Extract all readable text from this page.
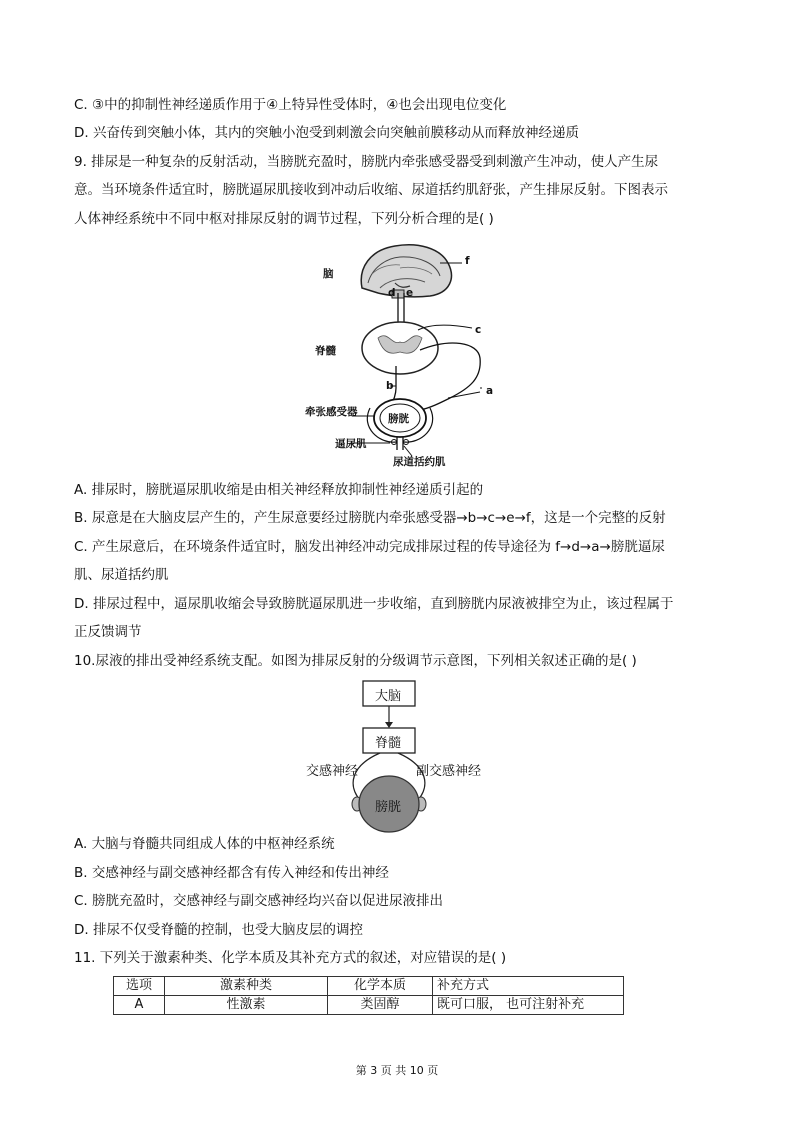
C. ③中的抑制性神经递质作用于④上特异性受体时，④也会出现电位变化
D. 兴奋传到突触小体，其内的突触小泡受到刺激会向突触前膜移动从而释放神经递质
9. 排尿是一种复杂的反射活动，当膀胱充盈时，膀胱内牵张感受器受到刺激产生冲动，使人产生尿
意。当环境条件适宜时，膀胱逼尿肌接收到冲动后收缩、尿道括约肌舒张，产生排尿反射。下图表示
人体神经系统中不同中枢对排尿反射的调节过程，下列分析合理的是( )
脑
f
d e
c
脊髓
b	a
牵张感受器
膀胱
逼尿肌
尿道括约肌
A. 排尿时，膀胱逼尿肌收缩是由相关神经释放抑制性神经递质引起的
B. 尿意是在大脑皮层产生的，产生尿意要经过膀胱内牵张感受器→b→c→e→f，这是一个完整的反射
C. 产生尿意后，在环境条件适宜时，脑发出神经冲动完成排尿过程的传导途径为 f→d→a→膀胱逼尿
肌、尿道括约肌
D. 排尿过程中，逼尿肌收缩会导致膀胱逼尿肌进一步收缩，直到膀胱内尿液被排空为止，该过程属于
正反馈调节
10.尿液的排出受神经系统支配。如图为排尿反射的分级调节示意图，下列相关叙述正确的是( )
大脑
脊髓
交感神经	副交感神经
膀胱
A. 大脑与脊髓共同组成人体的中枢神经系统
B. 交感神经与副交感神经都含有传入神经和传出神经
C. 膀胱充盈时，交感神经与副交感神经均兴奋以促进尿液排出
D. 排尿不仅受脊髓的控制，也受大脑皮层的调控
11. 下列关于激素种类、化学本质及其补充方式的叙述，对应错误的是( )
选项	激素种类	化学本质	补充方式
A	性激素	类固醇	既可口服， 也可注射补充
第 3 页 共 10 页
